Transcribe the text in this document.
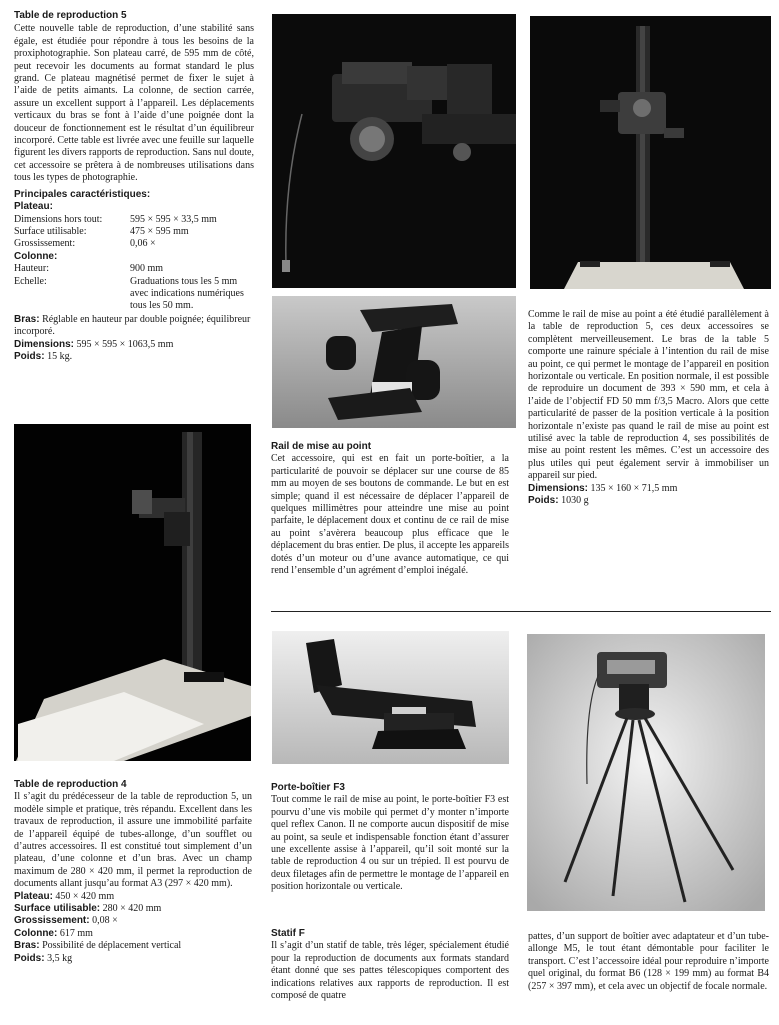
Table de reproduction 5

Cette nouvelle table de reproduction, d’une stabilité sans égale, est étudiée pour répondre à tous les besoins de la proxiphotographie. Son plateau carré, de 595 mm de côté, peut recevoir les documents au format standard le plus grand. Ce plateau magnétisé permet de fixer le sujet à l’aide de petits aimants. La colonne, de section carrée, assure un excellent support à l’appareil. Les déplacements verticaux du bras se font à l’aide d’une poignée dont la douceur de fonctionnement est le résultat d’un équilibreur incorporé. Cette table est livrée avec une feuille sur laquelle figurent les divers rapports de reproduction. Sans nul doute, cet accessoire se prêtera à de nombreuses utilisations dans tous les types de photographie.

Principales caractéristiques:
Plateau:
Dimensions hors tout:	595 × 595 × 33,5 mm
Surface utilisable:	475 × 595 mm
Grossissement:	0,06 ×
Colonne:
Hauteur:	900 mm
Echelle:	Graduations tous les 5 mm avec indications numériques tous les 50 mm.
Bras: Réglable en hauteur par double poignée; équilibreur incorporé.
Dimensions: 595 × 595 × 1063,5 mm
Poids: 15 kg.
Rail de mise au point

Cet accessoire, qui est en fait un porte-boîtier, a la particularité de pouvoir se déplacer sur une course de 85 mm au moyen de ses boutons de commande. Le but en est simple; quand il est nécessaire de déplacer l’appareil de quelques millimètres pour atteindre une mise au point parfaite, le déplacement doux et continu de ce rail de mise au point s’avèrera beaucoup plus efficace que le déplacement du bras entier. De plus, il accepte les appareils dotés d’un moteur ou d’une avance automatique, ce qui rend l’ensemble d’un agrément d’emploi inégalé.

Comme le rail de mise au point a été étudié parallèlement à la table de reproduction 5, ces deux accessoires se complètent merveilleusement. Le bras de la table 5 comporte une rainure spéciale à l’intention du rail de mise au point, ce qui permet le montage de l’appareil en position horizontale ou verticale. En position normale, il est possible de reproduire un document de 393 × 590 mm, et cela à l’aide de l’objectif FD 50 mm f/3,5 Macro. Alors que cette particularité de passer de la position verticale à la position horizontale n’existe pas quand le rail de mise au point est utilisé avec la table de reproduction 4, ses possibilités de mise au point restent les mêmes. C’est un accessoire des plus utiles qui peut également servir à immobiliser un appareil sur pied.

Dimensions: 135 × 160 × 71,5 mm
Poids: 1030 g
Table de reproduction 4

Il s’agit du prédécesseur de la table de reproduction 5, un modèle simple et pratique, très répandu. Excellent dans les travaux de reproduction, il assure une immobilité parfaite de l’appareil équipé de tubes-allonge, d’un soufflet ou d’autres accessoires. Il est constitué tout simplement d’un plateau, d’une colonne et d’un bras. Avec un champ maximum de 280 × 420 mm, il permet la reproduction de documents allant jusqu’au format A3 (297 × 420 mm).

Plateau: 450 × 420 mm
Surface utilisable: 280 × 420 mm
Grossissement: 0,08 ×
Colonne: 617 mm
Bras: Possibilité de déplacement vertical
Poids: 3,5 kg
Porte-boîtier F3

Tout comme le rail de mise au point, le porte-boîtier F3 est pourvu d’une vis mobile qui permet d’y monter n’importe quel reflex Canon. Il ne comporte aucun dispositif de mise au point, sa seule et indispensable fonction étant d’assurer une excellente assise à l’appareil, qu’il soit monté sur la table de reproduction 4 ou sur un trépied. Il est pourvu de deux filetages afin de permettre le montage de l’appareil en position horizontale ou verticale.

Statif F

Il s’agit d’un statif de table, très léger, spécialement étudié pour la reproduction de documents aux formats standard étant donné que ses pattes télescopiques comportent des indications relatives aux rapports de reproduction. Il est composé de quatre

pattes, d’un support de boîtier avec adaptateur et d’un tube-allonge M5, le tout étant démontable pour faciliter le transport. C’est l’accessoire idéal pour reproduire n’importe quel original, du format B6 (128 × 199 mm) au format B4 (257 × 397 mm), et cela avec un objectif de focale normale.
